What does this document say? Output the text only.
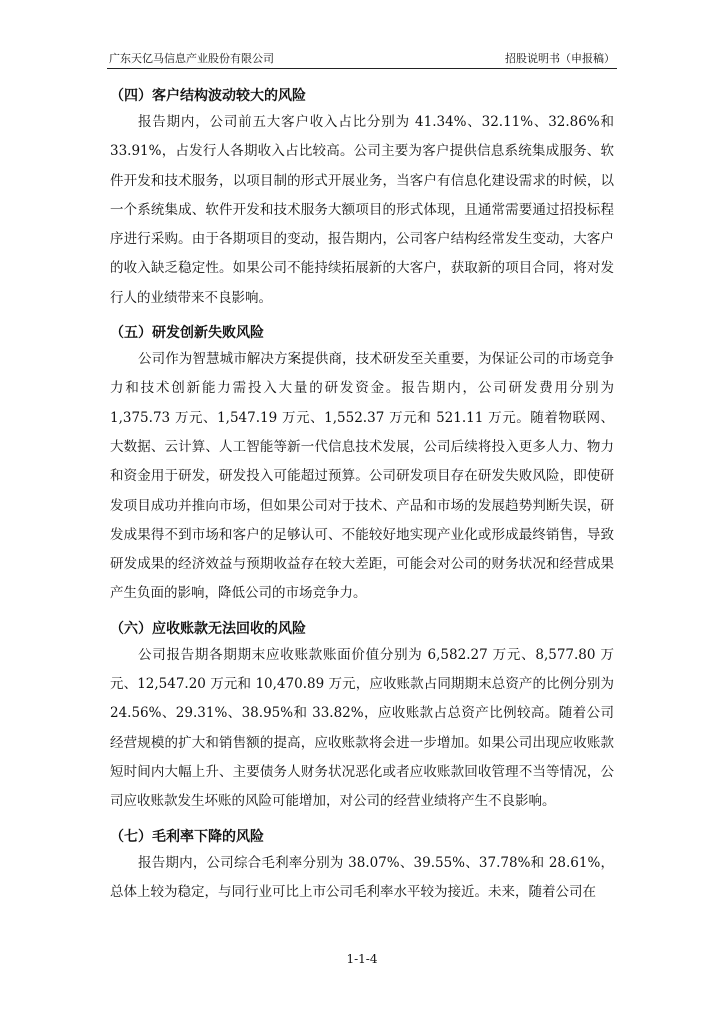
广东天亿马信息产业股份有限公司	招股说明书（申报稿）
（四）客户结构波动较大的风险

报告期内，公司前五大客户收入占比分别为 41.34%、32.11%、32.86%和33.91%，占发行人各期收入占比较高。公司主要为客户提供信息系统集成服务、软件开发和技术服务，以项目制的形式开展业务，当客户有信息化建设需求的时候，以一个系统集成、软件开发和技术服务大额项目的形式体现，且通常需要通过招投标程序进行采购。由于各期项目的变动，报告期内，公司客户结构经常发生变动，大客户的收入缺乏稳定性。如果公司不能持续拓展新的大客户，获取新的项目合同，将对发行人的业绩带来不良影响。

（五）研发创新失败风险

公司作为智慧城市解决方案提供商，技术研发至关重要，为保证公司的市场竞争力和技术创新能力需投入大量的研发资金。报告期内，公司研发费用分别为1,375.73 万元、1,547.19 万元、1,552.37 万元和 521.11 万元。随着物联网、大数据、云计算、人工智能等新一代信息技术发展，公司后续将投入更多人力、物力和资金用于研发，研发投入可能超过预算。公司研发项目存在研发失败风险，即使研发项目成功并推向市场，但如果公司对于技术、产品和市场的发展趋势判断失误，研发成果得不到市场和客户的足够认可、不能较好地实现产业化或形成最终销售，导致研发成果的经济效益与预期收益存在较大差距，可能会对公司的财务状况和经营成果产生负面的影响，降低公司的市场竞争力。

（六）应收账款无法回收的风险

公司报告期各期期末应收账款账面价值分别为 6,582.27 万元、8,577.80 万元、12,547.20 万元和 10,470.89 万元，应收账款占同期期末总资产的比例分别为24.56%、29.31%、38.95%和 33.82%，应收账款占总资产比例较高。随着公司经营规模的扩大和销售额的提高，应收账款将会进一步增加。如果公司出现应收账款短时间内大幅上升、主要债务人财务状况恶化或者应收账款回收管理不当等情况，公司应收账款发生坏账的风险可能增加，对公司的经营业绩将产生不良影响。

（七）毛利率下降的风险

报告期内，公司综合毛利率分别为 38.07%、39.55%、37.78%和 28.61%，总体上较为稳定，与同行业可比上市公司毛利率水平较为接近。未来，随着公司在

1-1-4
